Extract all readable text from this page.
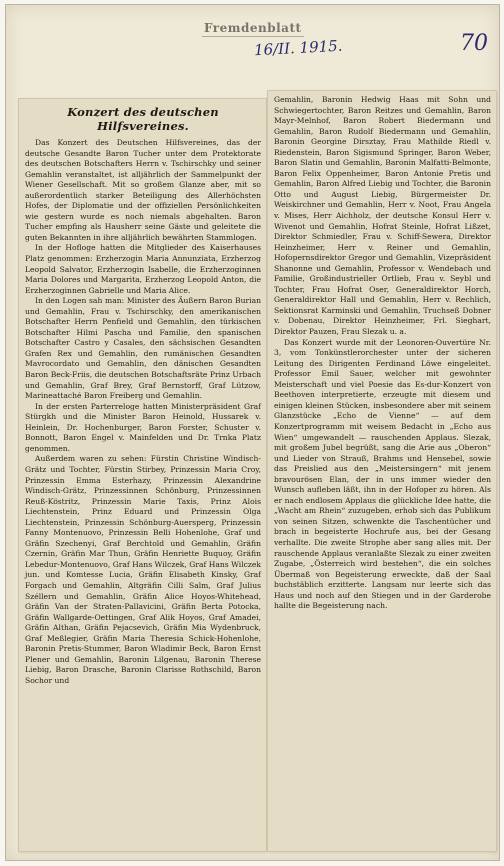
Fremdenblatt
16/II. 1915.	70
Konzert des deutschen Hilfsvereines.

Das Konzert des Deutschen Hilfsvereines, das der deutsche Gesandte Baron Tucher unter dem Protektorate des deutschen Botschafters Herrn v. Tschirschky und seiner Gemahlin veranstaltet, ist alljährlich der Sammelpunkt der Wiener Gesellschaft. Mit so großem Glanze aber, mit so außerordentlich starker Beteiligung des Allerhöchsten Hofes, der Diplomatie und der offiziellen Persönlichkeiten wie gestern wurde es noch niemals abgehalten. Baron Tucher empfing als Hausherr seine Gäste und geleitete die guten Bekannten in ihre alljährlich bewährten Stammlogen.

In der Hofloge hatten die Mitglieder des Kaiserhauses Platz genommen: Erzherzogin Maria Annunziata, Erzherzog Leopold Salvator, Erzherzogin Isabelle, die Erzherzoginnen Maria Dolores und Margarita, Erzherzog Leopold Anton, die Erzherzoginnen Gabrielle und Maria Alice.

In den Logen sah man: Minister des Äußern Baron Burian und Gemahlin, Frau v. Tschirschky, den amerikanischen Botschafter Herrn Penfield und Gemahlin, den türkischen Botschafter Hilmi Pascha und Familie, den spanischen Botschafter Castro y Casales, den sächsischen Gesandten Grafen Rex und Gemahlin, den rumänischen Gesandten Mavrocordato und Gemahlin, den dänischen Gesandten Baron Beck-Friis, die deutschen Botschaftsräte Prinz Urbach und Gemahlin, Graf Brey, Graf Bernstorff, Graf Lützow, Marineattaché Baron Freiberg und Gemahlin.

In der ersten Parterreloge hatten Ministerpräsident Graf Stürgkh und die Minister Baron Heinold, Hussarek v. Heinlein, Dr. Hochenburger, Baron Forster, Schuster v. Bonnott, Baron Engel v. Mainfelden und Dr. Trnka Platz genommen.

Außerdem waren zu sehen: Fürstin Christine Windisch-Grätz und Tochter, Fürstin Stirbey, Prinzessin Maria Croy, Prinzessin Emma Esterhazy, Prinzessin Alexandrine Windisch-Grätz, Prinzessinnen Schönburg, Prinzessinnen Reuß-Köstritz, Prinzessin Marie Taxis, Prinz Alois Liechtenstein, Prinz Eduard und Prinzessin Olga Liechtenstein, Prinzessin Schönburg-Auersperg, Prinzessin Fanny Montenuovo, Prinzessin Belli Hohenlohe, Graf und Gräfin Szechenyi, Graf Berchtold und Gemahlin, Gräfin Czernin, Gräfin Mar Thun, Gräfin Henriette Buquoy, Gräfin Lebedur-Montenuovo, Graf Hans Wilczek, Graf Hans Wilczek jun. und Komtesse Lucia, Gräfin Elisabeth Kinsky, Graf Forgach und Gemahlin, Altgräfin Cilli Salm, Graf Julius Széllern und Gemahlin, Gräfin Alice Hoyos-Whitehead, Gräfin Van der Straten-Pallavicini, Gräfin Berta Potocka, Gräfin Wallgarde-Oettingen, Graf Alik Hoyos, Graf Amadei, Gräfin Althan, Gräfin Pejacsevich, Gräfin Mia Wydenbruck, Graf Meßlegier, Gräfin Maria Theresia Schick-Hohenlohe, Baronin Pretis-Stummer, Baron Wladimir Beck, Baron Ernst Plener und Gemahlin, Baronin Lilgenau, Baronin Therese Liebig, Baron Drasche, Baronin Clarisse Rothschild, Baron Sochor und

Gemahlin, Baronin Hedwig Haas mit Sohn und Schwiegertochter, Baron Reitzes und Gemahlin, Baron Mayr-Melnhof, Baron Robert Biedermann und Gemahlin, Baron Rudolf Biedermann und Gemahlin, Baronin Georgine Dirsztay, Frau Mathilde Riedl v. Riedenstein, Baron Sigismund Springer, Baron Weber, Baron Slatin und Gemahlin, Baronin Malfatti-Belmonte, Baron Felix Oppenheimer, Baron Antonie Pretis und Gemahlin, Baron Alfred Liebig und Tochter, die Baronin Otto und August Liebig, Bürgermeister Dr. Weiskirchner und Gemahlin, Herr v. Noot, Frau Angela v. Mises, Herr Aichholz, der deutsche Konsul Herr v. Wivenot und Gemahlin, Hofrat Steinle, Hofrat Lißzet, Direktor Schmiedler, Frau v. Schiff-Sewera, Direktor Heinzheimer, Herr v. Reiner und Gemahlin, Hofopernsdirektor Gregor und Gemahlin, Vizepräsident Shanonne und Gemahlin, Professor v. Wendebach und Familie, Großindustrieller Ortlieb, Frau v. Seybl und Tochter, Frau Hofrat Oser, Generaldirektor Horch, Generaldirektor Hall und Gemahlin, Herr v. Rechlich, Sektionsrat Karminski und Gemahlin, Truchseß Dobner v. Dobenau, Direktor Heinzheimer, Frl. Sieghart, Direktor Pauzen, Frau Slezak u. a.

Das Konzert wurde mit der Leonoren-Ouvertüre Nr. 3, vom Tonkünstlerorchester unter der sicheren Leitung des Dirigenten Ferdinand Löwe eingeleitet. Professor Emil Sauer, welcher mit gewohnter Meisterschaft und viel Poesie das Es-dur-Konzert von Beethoven interpretierte, erzeugte mit diesem und einigen kleinen Stücken, insbesondere aber mit seinem Glanzstücke „Echo de Vienne“ — auf dem Konzertprogramm mit weisem Bedacht in „Echo aus Wien“ umgewandelt — rauschenden Applaus. Slezak, mit großem Jubel begrüßt, sang die Arie aus „Oberon“ und Lieder von Strauß, Brahms und Hensebel, sowie das Preislied aus den „Meistersingern“ mit jenem bravourösen Elan, der in uns immer wieder den Wunsch aufleben läßt, ihn in der Hofoper zu hören. Als er nach endlosem Applaus die glückliche Idee hatte, die „Wacht am Rhein“ zuzugeben, erhob sich das Publikum von seinen Sitzen, schwenkte die Taschentücher und brach in begeisterte Hochrufe aus, bei der Gesang verhallte. Die zweite Strophe aber sang alles mit. Der rauschende Applaus veranlaßte Slezak zu einer zweiten Zugabe, „Österreich wird bestehen“, die ein solches Übermaß von Begeisterung erweckte, daß der Saal buchstäblich erzitterte. Langsam nur leerte sich das Haus und noch auf den Stiegen und in der Garderobe hallte die Begeisterung nach.
